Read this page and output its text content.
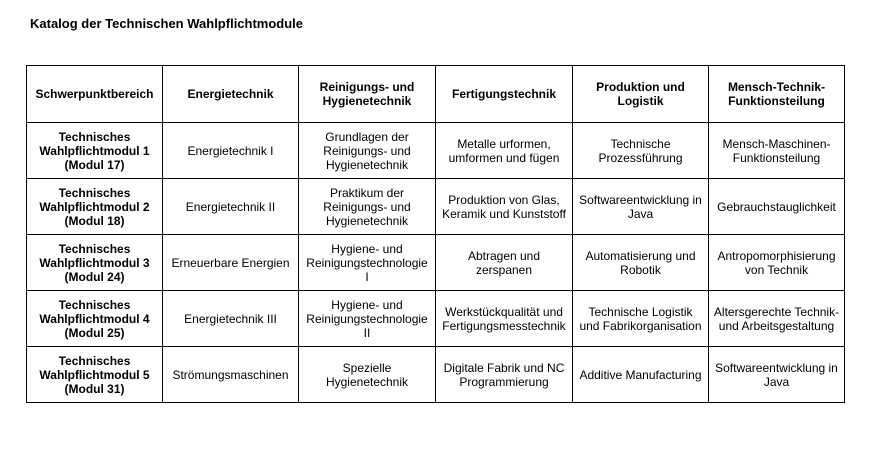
Katalog der Technischen Wahlpflichtmodule
Schwerpunktbereich	Energietechnik	Reinigungs- und Hygienetechnik	Fertigungstechnik	Produktion und Logistik	Mensch-Technik-Funktionsteilung
Technisches Wahlpflichtmodul 1 (Modul 17)	Energietechnik I	Grundlagen der Reinigungs- und Hygienetechnik	Metalle urformen, umformen und fügen	Technische Prozessführung	Mensch-Maschinen-Funktionsteilung
Technisches Wahlpflichtmodul 2 (Modul 18)	Energietechnik II	Praktikum der Reinigungs- und Hygienetechnik	Produktion von Glas, Keramik und Kunststoff	Softwareentwicklung in Java	Gebrauchstauglichkeit
Technisches Wahlpflichtmodul 3 (Modul 24)	Erneuerbare Energien	Hygiene- und Reinigungstechnologie I	Abtragen und zerspanen	Automatisierung und Robotik	Antropomorphisierung von Technik
Technisches Wahlpflichtmodul 4 (Modul 25)	Energietechnik III	Hygiene- und Reinigungstechnologie II	Werkstückqualität und Fertigungsmesstechnik	Technische Logistik und Fabrikorganisation	Altersgerechte Technik- und Arbeitsgestaltung
Technisches Wahlpflichtmodul 5 (Modul 31)	Strömungsmaschinen	Spezielle Hygienetechnik	Digitale Fabrik und NC Programmierung	Additive Manufacturing	Softwareentwicklung in Java
